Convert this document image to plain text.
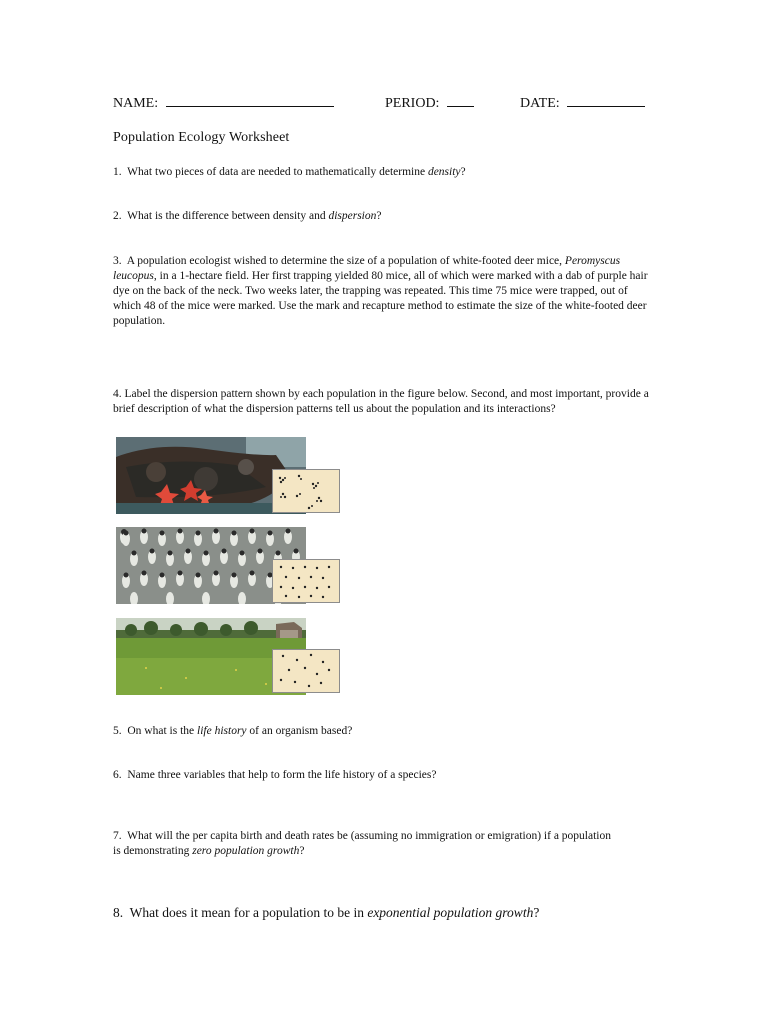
NAME:	PERIOD:	DATE:
Population Ecology Worksheet
1. What two pieces of data are needed to mathematically determine density?
2. What is the difference between density and dispersion?
3. A population ecologist wished to determine the size of a population of white-footed deer mice, Peromyscus leucopus, in a 1-hectare field. Her first trapping yielded 80 mice, all of which were marked with a dab of purple hair dye on the back of the neck. Two weeks later, the trapping was repeated. This time 75 mice were trapped, out of which 48 of the mice were marked. Use the mark and recapture method to estimate the size of the white-footed deer population.
4. Label the dispersion pattern shown by each population in the figure below. Second, and most important, provide a brief description of what the dispersion patterns tell us about the population and its interactions?
5. On what is the life history of an organism based?
6. Name three variables that help to form the life history of a species?
7. What will the per capita birth and death rates be (assuming no immigration or emigration) if a population is demonstrating zero population growth?
8. What does it mean for a population to be in exponential population growth?
